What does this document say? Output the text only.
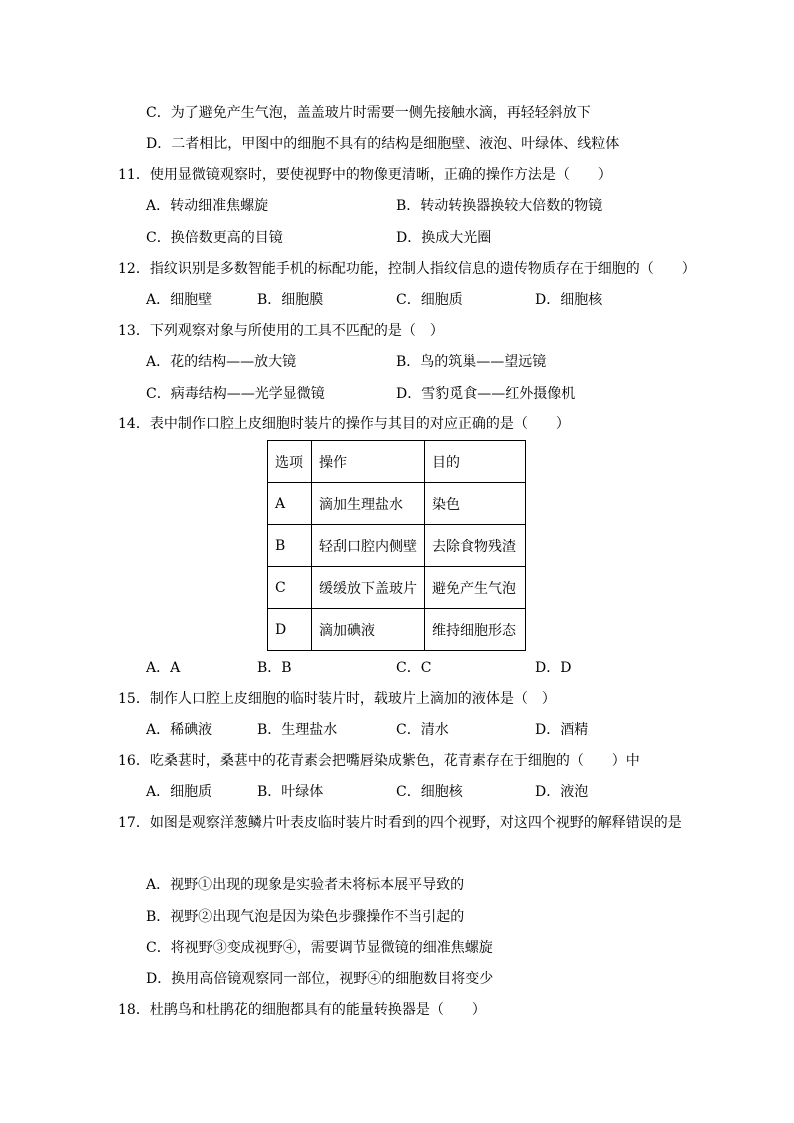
C．为了避免产生气泡，盖盖玻片时需要一侧先接触水滴，再轻轻斜放下
D．二者相比，甲图中的细胞不具有的结构是细胞壁、液泡、叶绿体、线粒体
11．使用显微镜观察时，要使视野中的物像更清晰，正确的操作方法是（　　）
A．转动细准焦螺旋	B．转动转换器换较大倍数的物镜
C．换倍数更高的目镜	D．换成大光圈
12．指纹识别是多数智能手机的标配功能，控制人指纹信息的遗传物质存在于细胞的（　　）
A．细胞壁	B．细胞膜	C．细胞质	D．细胞核
13．下列观察对象与所使用的工具不匹配的是（　）
A．花的结构——放大镜	B．鸟的筑巢——望远镜
C．病毒结构——光学显微镜	D．雪豹觅食——红外摄像机
14．表中制作口腔上皮细胞时装片的操作与其目的对应正确的是（　　）
选项	操作	目的
A	滴加生理盐水	染色
B	轻刮口腔内侧壁	去除食物残渣
C	缓缓放下盖玻片	避免产生气泡
D	滴加碘液	维持细胞形态
A．A	B．B	C．C	D．D
15．制作人口腔上皮细胞的临时装片时，载玻片上滴加的液体是（　）
A．稀碘液	B．生理盐水	C．清水	D．酒精
16．吃桑葚时，桑葚中的花青素会把嘴唇染成紫色，花青素存在于细胞的（　　）中
A．细胞质	B．叶绿体	C．细胞核	D．液泡
17．如图是观察洋葱鳞片叶表皮临时装片时看到的四个视野，对这四个视野的解释错误的是
A．视野①出现的现象是实验者未将标本展平导致的
B．视野②出现气泡是因为染色步骤操作不当引起的
C．将视野③变成视野④，需要调节显微镜的细准焦螺旋
D．换用高倍镜观察同一部位，视野④的细胞数目将变少
18．杜鹃鸟和杜鹃花的细胞都具有的能量转换器是（　　）
